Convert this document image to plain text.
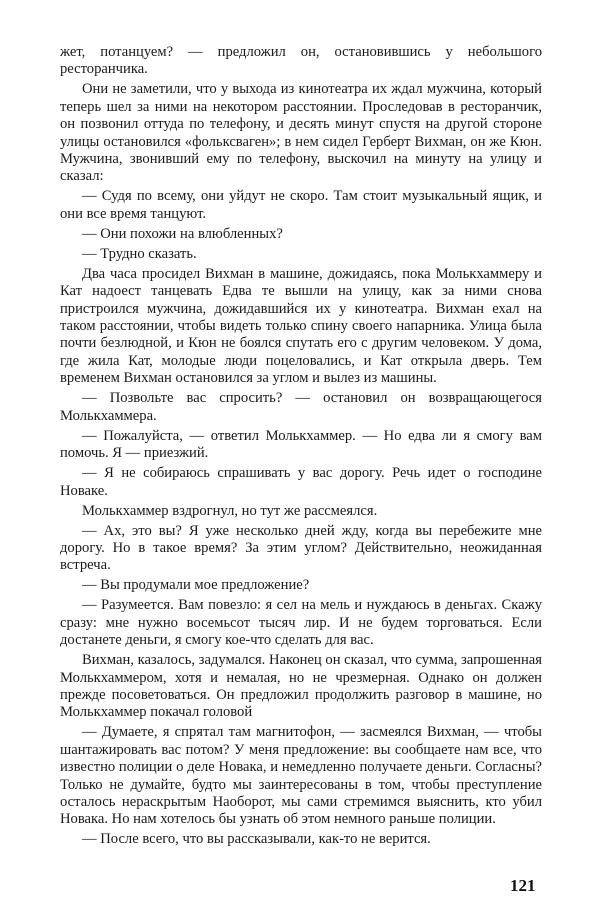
жет, потанцуем? — предложил он, остановившись у небольшого ресторанчика.

Они не заметили, что у выхода из кинотеатра их ждал мужчина, который теперь шел за ними на некотором расстоянии. Проследовав в ресторанчик, он позвонил оттуда по телефону, и десять минут спустя на другой стороне улицы остановился «фольксваген»; в нем сидел Герберт Вихман, он же Кюн. Мужчина, звонивший ему по телефону, выскочил на минуту на улицу и сказал:

— Судя по всему, они уйдут не скоро. Там стоит музыкальный ящик, и они все время танцуют.

— Они похожи на влюбленных?

— Трудно сказать.

Два часа просидел Вихман в машине, дожидаясь, пока Молькхаммеру и Кат надоест танцевать Едва те вышли на улицу, как за ними снова пристроился мужчина, дожидавшийся их у кинотеатра. Вихман ехал на таком расстоянии, чтобы видеть только спину своего напарника. Улица была почти безлюдной, и Кюн не боялся спутать его с другим человеком. У дома, где жила Кат, молодые люди поцеловались, и Кат открыла дверь. Тем временем Вихман остановился за углом и вылез из машины.

— Позвольте вас спросить? — остановил он возвращающегося Молькхаммера.

— Пожалуйста, — ответил Молькхаммер. — Но едва ли я смогу вам помочь. Я — приезжий.

— Я не собираюсь спрашивать у вас дорогу. Речь идет о господине Новаке.

Молькхаммер вздрогнул, но тут же рассмеялся.

— Ах, это вы? Я уже несколько дней жду, когда вы перебежите мне дорогу. Но в такое время? За этим углом? Действительно, неожиданная встреча.

— Вы продумали мое предложение?

— Разумеется. Вам повезло: я сел на мель и нуждаюсь в деньгах. Скажу сразу: мне нужно восемьсот тысяч лир. И не будем торговаться. Если достанете деньги, я смогу кое-что сделать для вас.

Вихман, казалось, задумался. Наконец он сказал, что сумма, запрошенная Молькхаммером, хотя и немалая, но не чрезмерная. Однако он должен прежде посоветоваться. Он предложил продолжить разговор в машине, но Молькхаммер покачал головой

— Думаете, я спрятал там магнитофон, — засмеялся Вихман, — чтобы шантажировать вас потом? У меня предложение: вы сообщаете нам все, что известно полиции о деле Новака, и немедленно получаете деньги. Согласны? Только не думайте, будто мы заинтересованы в том, чтобы преступление осталось нераскрытым Наоборот, мы сами стремимся выяснить, кто убил Новака. Но нам хотелось бы узнать об этом немного раньше полиции.

— После всего, что вы рассказывали, как-то не верится.

121
